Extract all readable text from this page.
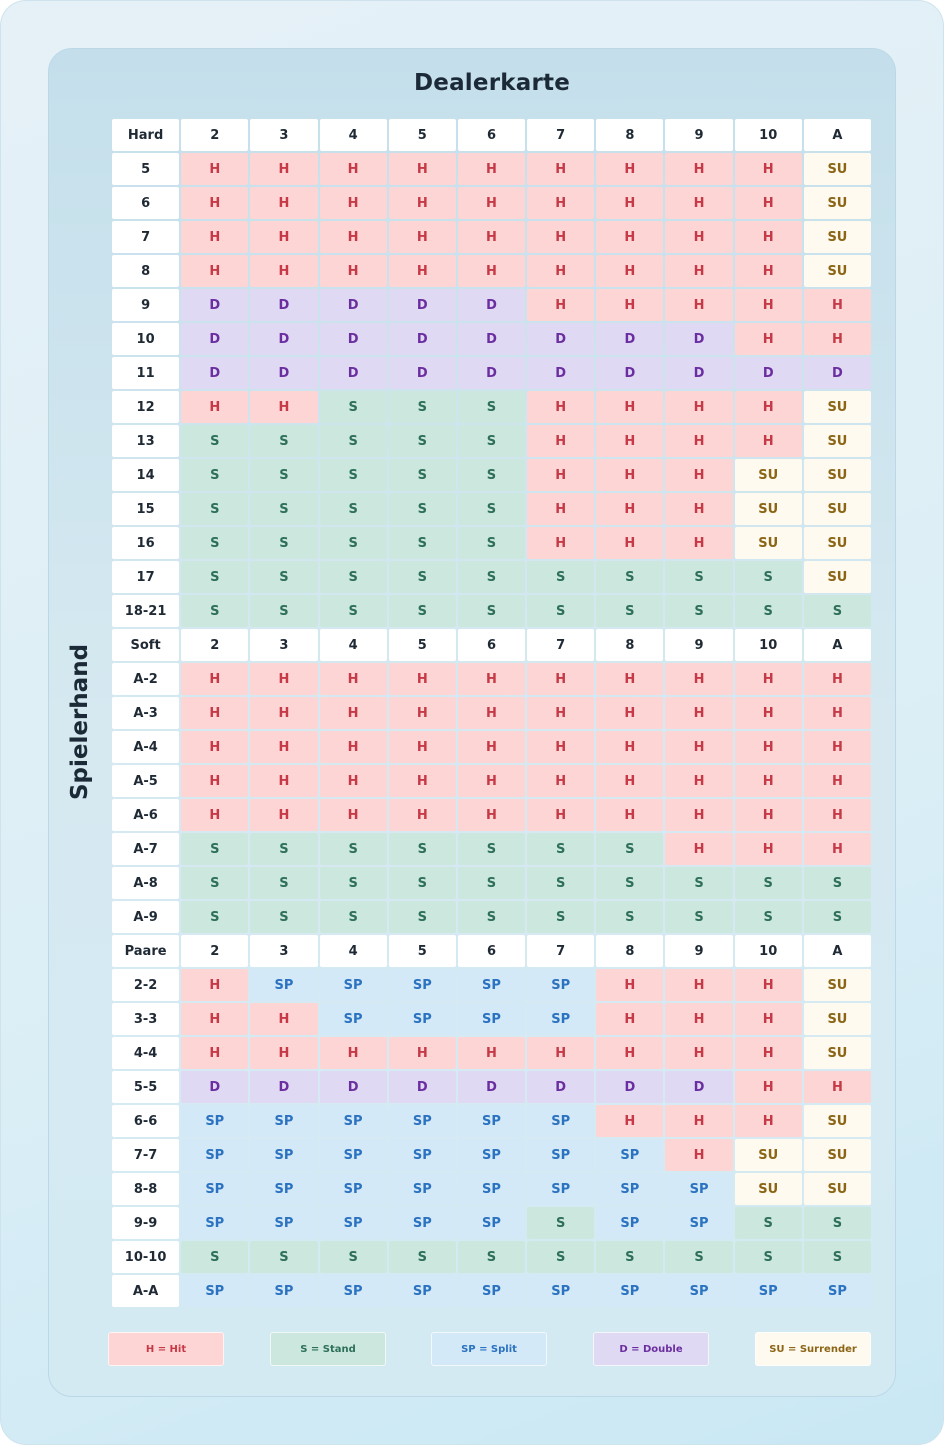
Dealerkarte
Spielerhand
Hard	2	3	4	5	6	7	8	9	10	A
5	H	H	H	H	H	H	H	H	H	SU
6	H	H	H	H	H	H	H	H	H	SU
7	H	H	H	H	H	H	H	H	H	SU
8	H	H	H	H	H	H	H	H	H	SU
9	D	D	D	D	D	H	H	H	H	H
10	D	D	D	D	D	D	D	D	H	H
11	D	D	D	D	D	D	D	D	D	D
12	H	H	S	S	S	H	H	H	H	SU
13	S	S	S	S	S	H	H	H	H	SU
14	S	S	S	S	S	H	H	H	SU	SU
15	S	S	S	S	S	H	H	H	SU	SU
16	S	S	S	S	S	H	H	H	SU	SU
17	S	S	S	S	S	S	S	S	S	SU
18-21	S	S	S	S	S	S	S	S	S	S
Soft	2	3	4	5	6	7	8	9	10	A
A-2	H	H	H	H	H	H	H	H	H	H
A-3	H	H	H	H	H	H	H	H	H	H
A-4	H	H	H	H	H	H	H	H	H	H
A-5	H	H	H	H	H	H	H	H	H	H
A-6	H	H	H	H	H	H	H	H	H	H
A-7	S	S	S	S	S	S	S	H	H	H
A-8	S	S	S	S	S	S	S	S	S	S
A-9	S	S	S	S	S	S	S	S	S	S
Paare	2	3	4	5	6	7	8	9	10	A
2-2	H	SP	SP	SP	SP	SP	H	H	H	SU
3-3	H	H	SP	SP	SP	SP	H	H	H	SU
4-4	H	H	H	H	H	H	H	H	H	SU
5-5	D	D	D	D	D	D	D	D	H	H
6-6	SP	SP	SP	SP	SP	SP	H	H	H	SU
7-7	SP	SP	SP	SP	SP	SP	SP	H	SU	SU
8-8	SP	SP	SP	SP	SP	SP	SP	SP	SU	SU
9-9	SP	SP	SP	SP	SP	S	SP	SP	S	S
10-10	S	S	S	S	S	S	S	S	S	S
A-A	SP	SP	SP	SP	SP	SP	SP	SP	SP	SP
H = Hit	S = Stand	SP = Split	D = Double	SU = Surrender
